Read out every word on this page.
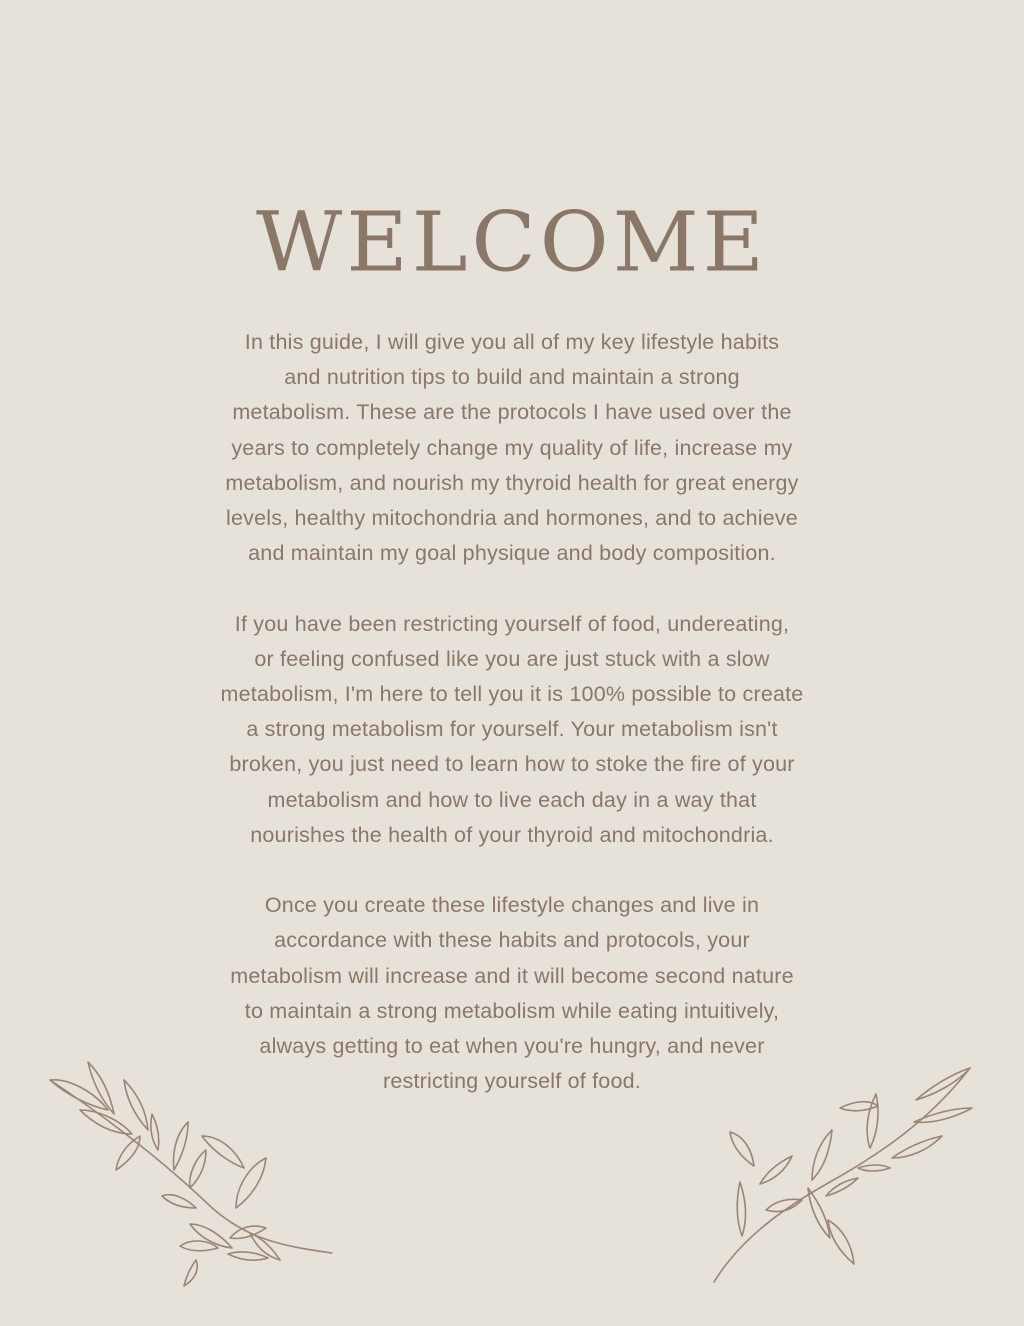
WELCOME

In this guide, I will give you all of my key lifestyle habits
and nutrition tips to build and maintain a strong
metabolism. These are the protocols I have used over the
years to completely change my quality of life, increase my
metabolism, and nourish my thyroid health for great energy
levels, healthy mitochondria and hormones, and to achieve
and maintain my goal physique and body composition.

If you have been restricting yourself of food, undereating,
or feeling confused like you are just stuck with a slow
metabolism, I'm here to tell you it is 100% possible to create
a strong metabolism for yourself. Your metabolism isn't
broken, you just need to learn how to stoke the fire of your
metabolism and how to live each day in a way that
nourishes the health of your thyroid and mitochondria.

Once you create these lifestyle changes and live in
accordance with these habits and protocols, your
metabolism will increase and it will become second nature
to maintain a strong metabolism while eating intuitively,
always getting to eat when you're hungry, and never
restricting yourself of food.
